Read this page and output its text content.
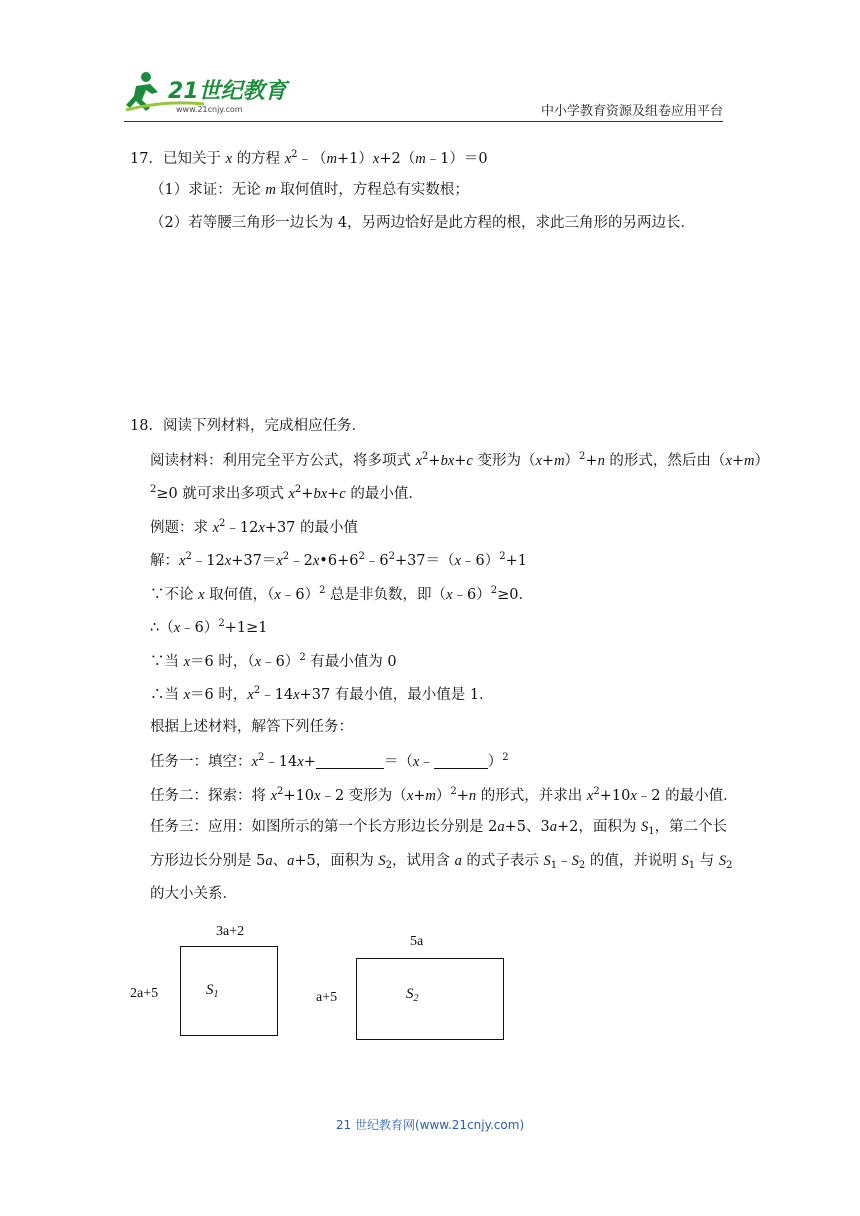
21世纪教育
www.21cnjy.com	中小学教育资源及组卷应用平台
17．已知关于 x 的方程 $x^2﹣(m+1)x+2(m﹣1)=0$
（1）求证：无论 m 取何值时，方程总有实数根；
（2）若等腰三角形一边长为 4，另两边恰好是此方程的根，求此三角形的另两边长．
18．阅读下列材料，完成相应任务．
阅读材料：利用完全平方公式，将多项式 $x^2+bx+c$ 变形为$(x+m)^2+n$ 的形式，然后由（x+m）
$^2$≥0 就可求出多项式 $x^2+bx+c$ 的最小值．
例题：求 $x^2﹣12x+37$ 的最小值
解：$x^2﹣12x+37=x^2﹣2x•6+6^2﹣6^2+37=(x﹣6)^2+1$
∵不论 x 取何值，（x﹣6）$^2$ 总是非负数，即（x﹣6）$^2$≥0．
∴（x﹣6）$^2$+1≥1
∵当 x＝6 时，（x﹣6）$^2$ 有最小值为 0
∴当 x＝6 时，$x^2﹣14x+37$ 有最小值，最小值是 1．
根据上述材料，解答下列任务：
任务一：填空：$x^2﹣14x+$	＝（x﹣	）$^2$
任务二：探索：将 $x^2+10x﹣2$ 变形为$(x+m)^2+n$ 的形式，并求出 $x^2+10x﹣2$ 的最小值．
任务三：应用：如图所示的第一个长方形边长分别是 2a+5、3a+2，面积为 $S_1$，第二个长
方形边长分别是 5a、a+5，面积为 $S_2$，试用含 a 的式子表示 $S_1﹣S_2$ 的值，并说明 $S_1$ 与 $S_2$
的大小关系．
3a+2
2a+5	$S_1$
5a
a+5	$S_2$
21 世纪教育网(www.21cnjy.com)
